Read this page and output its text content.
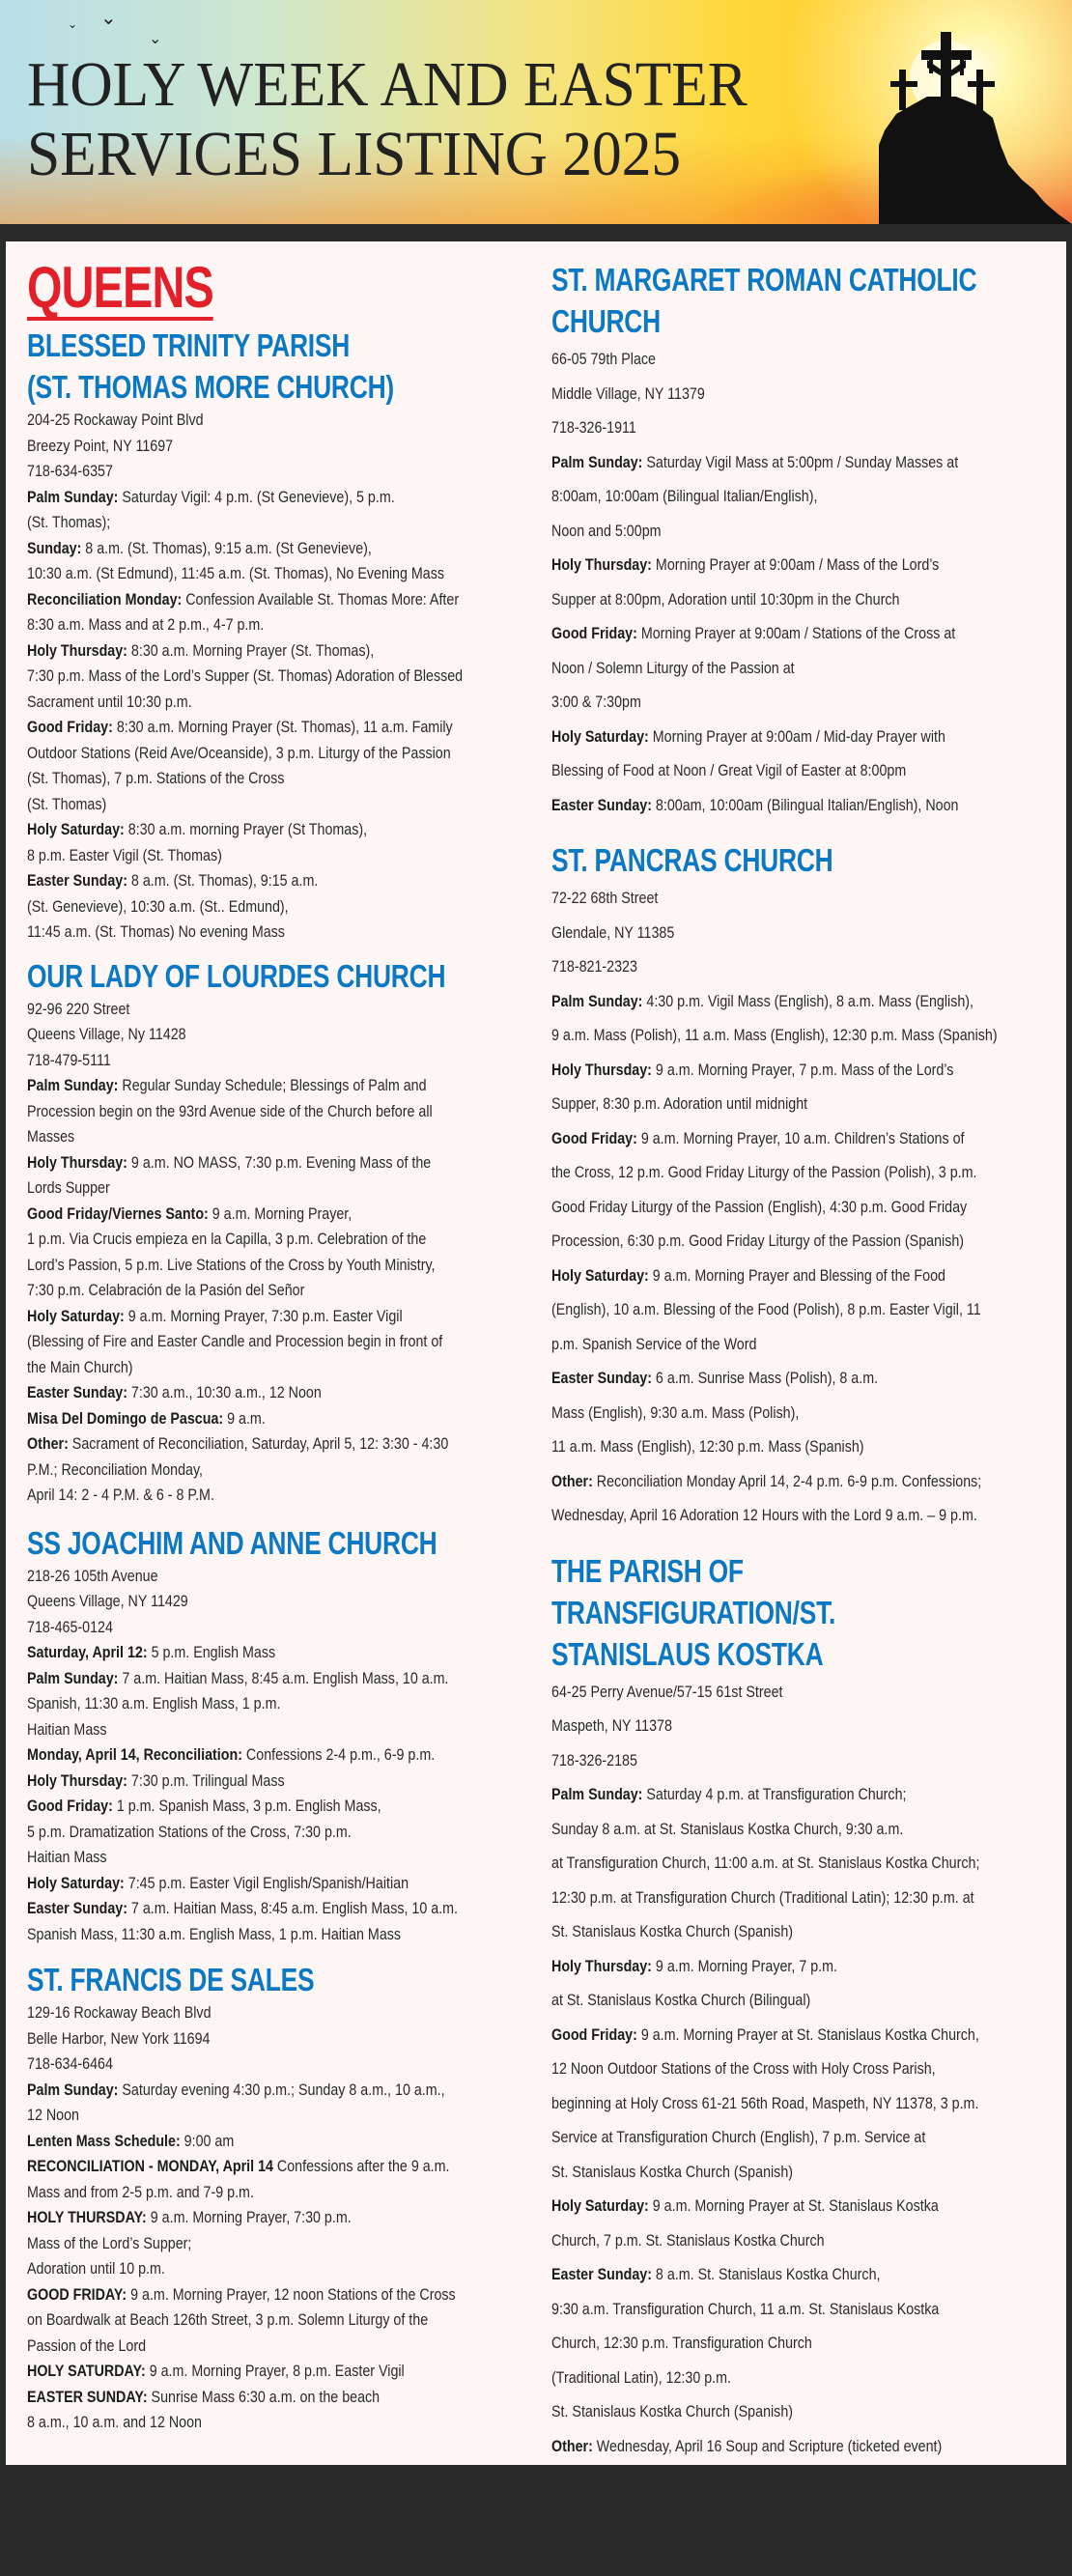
⌄ ⌄
⌄
HOLY WEEK AND EASTER
SERVICES LISTING 2025
QUEENS
BLESSED TRINITY PARISH
(ST. THOMAS MORE CHURCH)
204-25 Rockaway Point Blvd
Breezy Point, NY 11697
718-634-6357
Palm Sunday: Saturday Vigil: 4 p.m. (St Genevieve), 5 p.m.
(St. Thomas);
Sunday: 8 a.m. (St. Thomas), 9:15 a.m. (St Genevieve),
10:30 a.m. (St Edmund), 11:45 a.m. (St. Thomas), No Evening Mass
Reconciliation Monday: Confession Available St. Thomas More: After
8:30 a.m. Mass and at 2 p.m., 4-7 p.m.
Holy Thursday: 8:30 a.m. Morning Prayer (St. Thomas),
7:30 p.m. Mass of the Lord’s Supper (St. Thomas) Adoration of Blessed
Sacrament until 10:30 p.m.
Good Friday: 8:30 a.m. Morning Prayer (St. Thomas), 11 a.m. Family
Outdoor Stations (Reid Ave/Oceanside), 3 p.m. Liturgy of the Passion
(St. Thomas), 7 p.m. Stations of the Cross
(St. Thomas)
Holy Saturday: 8:30 a.m. morning Prayer (St Thomas),
8 p.m. Easter Vigil (St. Thomas)
Easter Sunday: 8 a.m. (St. Thomas), 9:15 a.m.
(St. Genevieve), 10:30 a.m. (St.. Edmund),
11:45 a.m. (St. Thomas) No evening Mass
OUR LADY OF LOURDES CHURCH
92-96 220 Street
Queens Village, Ny 11428
718-479-5111
Palm Sunday: Regular Sunday Schedule; Blessings of Palm and
Procession begin on the 93rd Avenue side of the Church before all
Masses
Holy Thursday: 9 a.m. NO MASS, 7:30 p.m. Evening Mass of the
Lords Supper
Good Friday/Viernes Santo: 9 a.m. Morning Prayer,
1 p.m. Via Crucis empieza en la Capilla, 3 p.m. Celebration of the
Lord’s Passion, 5 p.m. Live Stations of the Cross by Youth Ministry,
7:30 p.m. Celabración de la Pasión del Señor
Holy Saturday: 9 a.m. Morning Prayer, 7:30 p.m. Easter Vigil
(Blessing of Fire and Easter Candle and Procession begin in front of
the Main Church)
Easter Sunday: 7:30 a.m., 10:30 a.m., 12 Noon
Misa Del Domingo de Pascua: 9 a.m.
Other: Sacrament of Reconciliation, Saturday, April 5, 12: 3:30 - 4:30
P.M.; Reconciliation Monday,
April 14: 2 - 4 P.M. & 6 - 8 P.M.
SS JOACHIM AND ANNE CHURCH
218-26 105th Avenue
Queens Village, NY 11429
718-465-0124
Saturday, April 12: 5 p.m. English Mass
Palm Sunday: 7 a.m. Haitian Mass, 8:45 a.m. English Mass, 10 a.m.
Spanish, 11:30 a.m. English Mass, 1 p.m.
Haitian Mass
Monday, April 14, Reconciliation: Confessions 2-4 p.m., 6-9 p.m.
Holy Thursday: 7:30 p.m. Trilingual Mass
Good Friday: 1 p.m. Spanish Mass, 3 p.m. English Mass,
5 p.m. Dramatization Stations of the Cross, 7:30 p.m.
Haitian Mass
Holy Saturday: 7:45 p.m. Easter Vigil English/Spanish/Haitian
Easter Sunday: 7 a.m. Haitian Mass, 8:45 a.m. English Mass, 10 a.m.
Spanish Mass, 11:30 a.m. English Mass, 1 p.m. Haitian Mass
ST. FRANCIS DE SALES
129-16 Rockaway Beach Blvd
Belle Harbor, New York 11694
718-634-6464
Palm Sunday: Saturday evening 4:30 p.m.; Sunday 8 a.m., 10 a.m.,
12 Noon
Lenten Mass Schedule: 9:00 am
RECONCILIATION - MONDAY, April 14 Confessions after the 9 a.m.
Mass and from 2-5 p.m. and 7-9 p.m.
HOLY THURSDAY: 9 a.m. Morning Prayer, 7:30 p.m.
Mass of the Lord’s Supper;
Adoration until 10 p.m.
GOOD FRIDAY: 9 a.m. Morning Prayer, 12 noon Stations of the Cross
on Boardwalk at Beach 126th Street, 3 p.m. Solemn Liturgy of the
Passion of the Lord
HOLY SATURDAY: 9 a.m. Morning Prayer, 8 p.m. Easter Vigil
EASTER SUNDAY: Sunrise Mass 6:30 a.m. on the beach
8 a.m., 10 a.m. and 12 Noon
ST. MARGARET ROMAN CATHOLIC
CHURCH
66-05 79th Place
Middle Village, NY 11379
718-326-1911
Palm Sunday: Saturday Vigil Mass at 5:00pm / Sunday Masses at
8:00am, 10:00am (Bilingual Italian/English),
Noon and 5:00pm
Holy Thursday: Morning Prayer at 9:00am / Mass of the Lord’s
Supper at 8:00pm, Adoration until 10:30pm in the Church
Good Friday: Morning Prayer at 9:00am / Stations of the Cross at
Noon / Solemn Liturgy of the Passion at
3:00 & 7:30pm
Holy Saturday: Morning Prayer at 9:00am / Mid-day Prayer with
Blessing of Food at Noon / Great Vigil of Easter at 8:00pm
Easter Sunday: 8:00am, 10:00am (Bilingual Italian/English), Noon
ST. PANCRAS CHURCH
72-22 68th Street
Glendale, NY 11385
718-821-2323
Palm Sunday: 4:30 p.m. Vigil Mass (English), 8 a.m. Mass (English),
9 a.m. Mass (Polish), 11 a.m. Mass (English), 12:30 p.m. Mass (Spanish)
Holy Thursday: 9 a.m. Morning Prayer, 7 p.m. Mass of the Lord’s
Supper, 8:30 p.m. Adoration until midnight
Good Friday: 9 a.m. Morning Prayer, 10 a.m. Children’s Stations of
the Cross, 12 p.m. Good Friday Liturgy of the Passion (Polish), 3 p.m.
Good Friday Liturgy of the Passion (English), 4:30 p.m. Good Friday
Procession, 6:30 p.m. Good Friday Liturgy of the Passion (Spanish)
Holy Saturday: 9 a.m. Morning Prayer and Blessing of the Food
(English), 10 a.m. Blessing of the Food (Polish), 8 p.m. Easter Vigil, 11
p.m. Spanish Service of the Word
Easter Sunday: 6 a.m. Sunrise Mass (Polish), 8 a.m.
Mass (English), 9:30 a.m. Mass (Polish),
11 a.m. Mass (English), 12:30 p.m. Mass (Spanish)
Other: Reconciliation Monday April 14, 2-4 p.m. 6-9 p.m. Confessions;
Wednesday, April 16 Adoration 12 Hours with the Lord 9 a.m. – 9 p.m.
THE PARISH OF
TRANSFIGURATION/ST.
STANISLAUS KOSTKA
64-25 Perry Avenue/57-15 61st Street
Maspeth, NY 11378
718-326-2185
Palm Sunday: Saturday 4 p.m. at Transfiguration Church;
Sunday 8 a.m. at St. Stanislaus Kostka Church, 9:30 a.m.
at Transfiguration Church, 11:00 a.m. at St. Stanislaus Kostka Church;
12:30 p.m. at Transfiguration Church (Traditional Latin); 12:30 p.m. at
St. Stanislaus Kostka Church (Spanish)
Holy Thursday: 9 a.m. Morning Prayer, 7 p.m.
at St. Stanislaus Kostka Church (Bilingual)
Good Friday: 9 a.m. Morning Prayer at St. Stanislaus Kostka Church,
12 Noon Outdoor Stations of the Cross with Holy Cross Parish,
beginning at Holy Cross 61-21 56th Road, Maspeth, NY 11378, 3 p.m.
Service at Transfiguration Church (English), 7 p.m. Service at
St. Stanislaus Kostka Church (Spanish)
Holy Saturday: 9 a.m. Morning Prayer at St. Stanislaus Kostka
Church, 7 p.m. St. Stanislaus Kostka Church
Easter Sunday: 8 a.m. St. Stanislaus Kostka Church,
9:30 a.m. Transfiguration Church, 11 a.m. St. Stanislaus Kostka
Church, 12:30 p.m. Transfiguration Church
(Traditional Latin), 12:30 p.m.
St. Stanislaus Kostka Church (Spanish)
Other: Wednesday, April 16 Soup and Scripture (ticketed event)
Transfiguration Parish Hall 64-14 Clinton Avenue, Maspeth: Scripture
Presentation in Parish Hall // Spanish Presentation Transfiguration
Church
